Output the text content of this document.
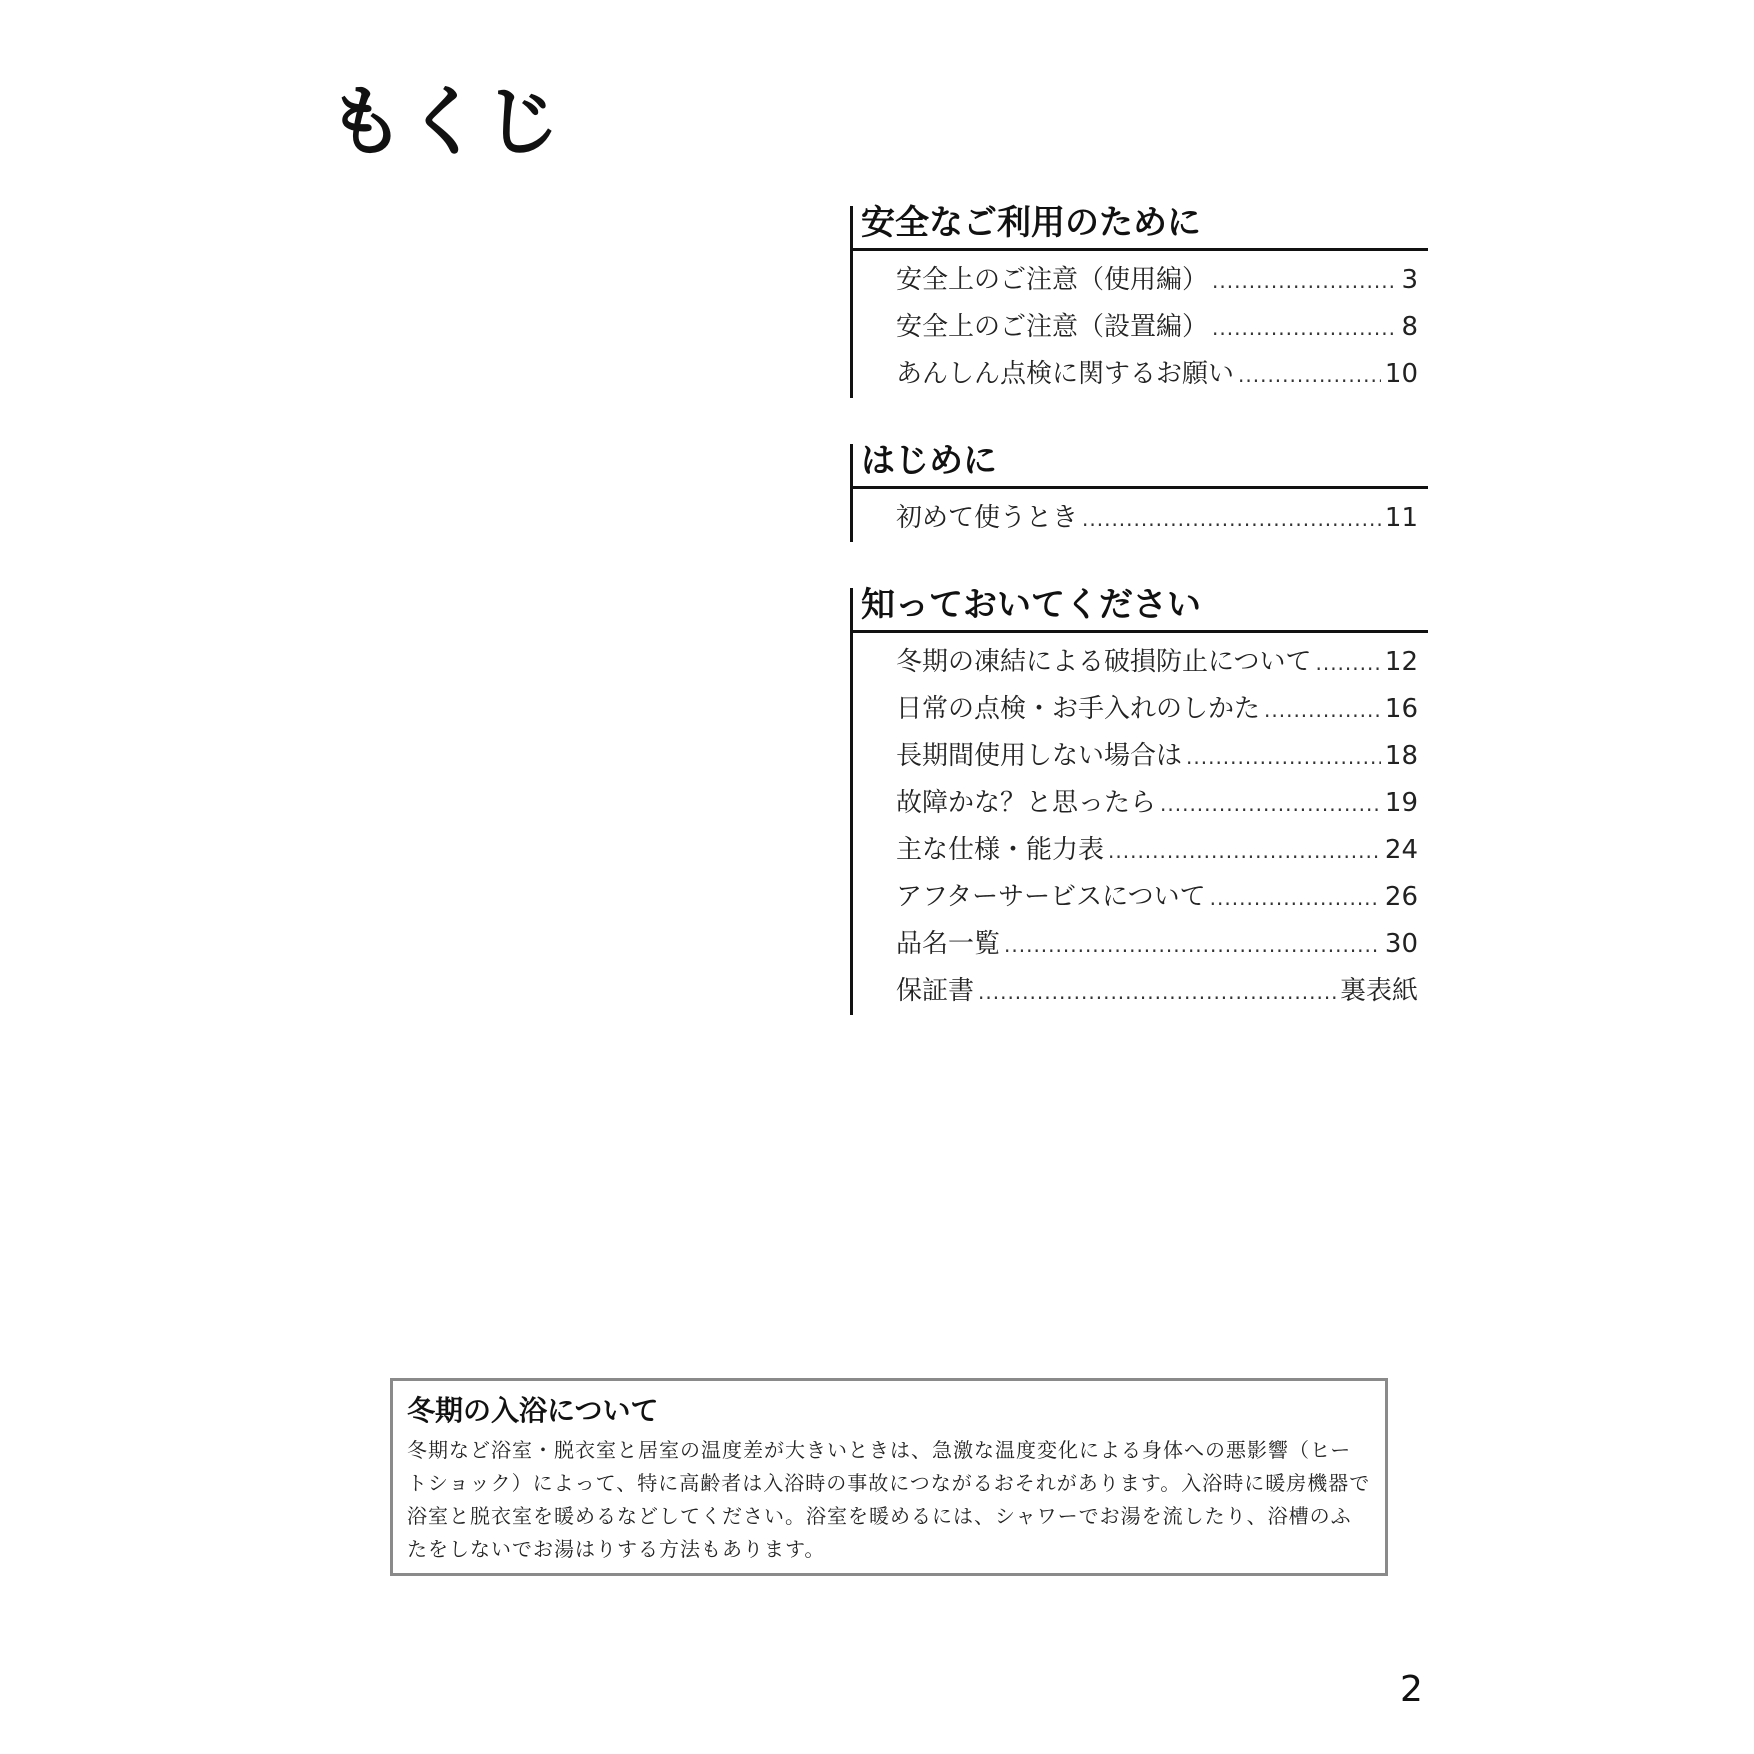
もくじ
安全なご利用のために
安全上のご注意（使用編） .....	3
安全上のご注意（設置編） .....	8
あんしん点検に関するお願い .....	10
はじめに
初めて使うとき .....	11
知っておいてください
冬期の凍結による破損防止について .....	12
日常の点検・お手入れのしかた .....	16
長期間使用しない場合は .....	18
故障かな？と思ったら .....	19
主な仕様・能力表 .....	24
アフターサービスについて .....	26
品名一覧 .....	30
保証書 .....	裏表紙
冬期の入浴について

冬期など浴室・脱衣室と居室の温度差が大きいときは、急激な温度変化による身体への悪影響（ヒートショック）によって、特に高齢者は入浴時の事故につながるおそれがあります。入浴時に暖房機器で浴室と脱衣室を暖めるなどしてください。浴室を暖めるには、シャワーでお湯を流したり、浴槽のふたをしないでお湯はりする方法もあります。

2
